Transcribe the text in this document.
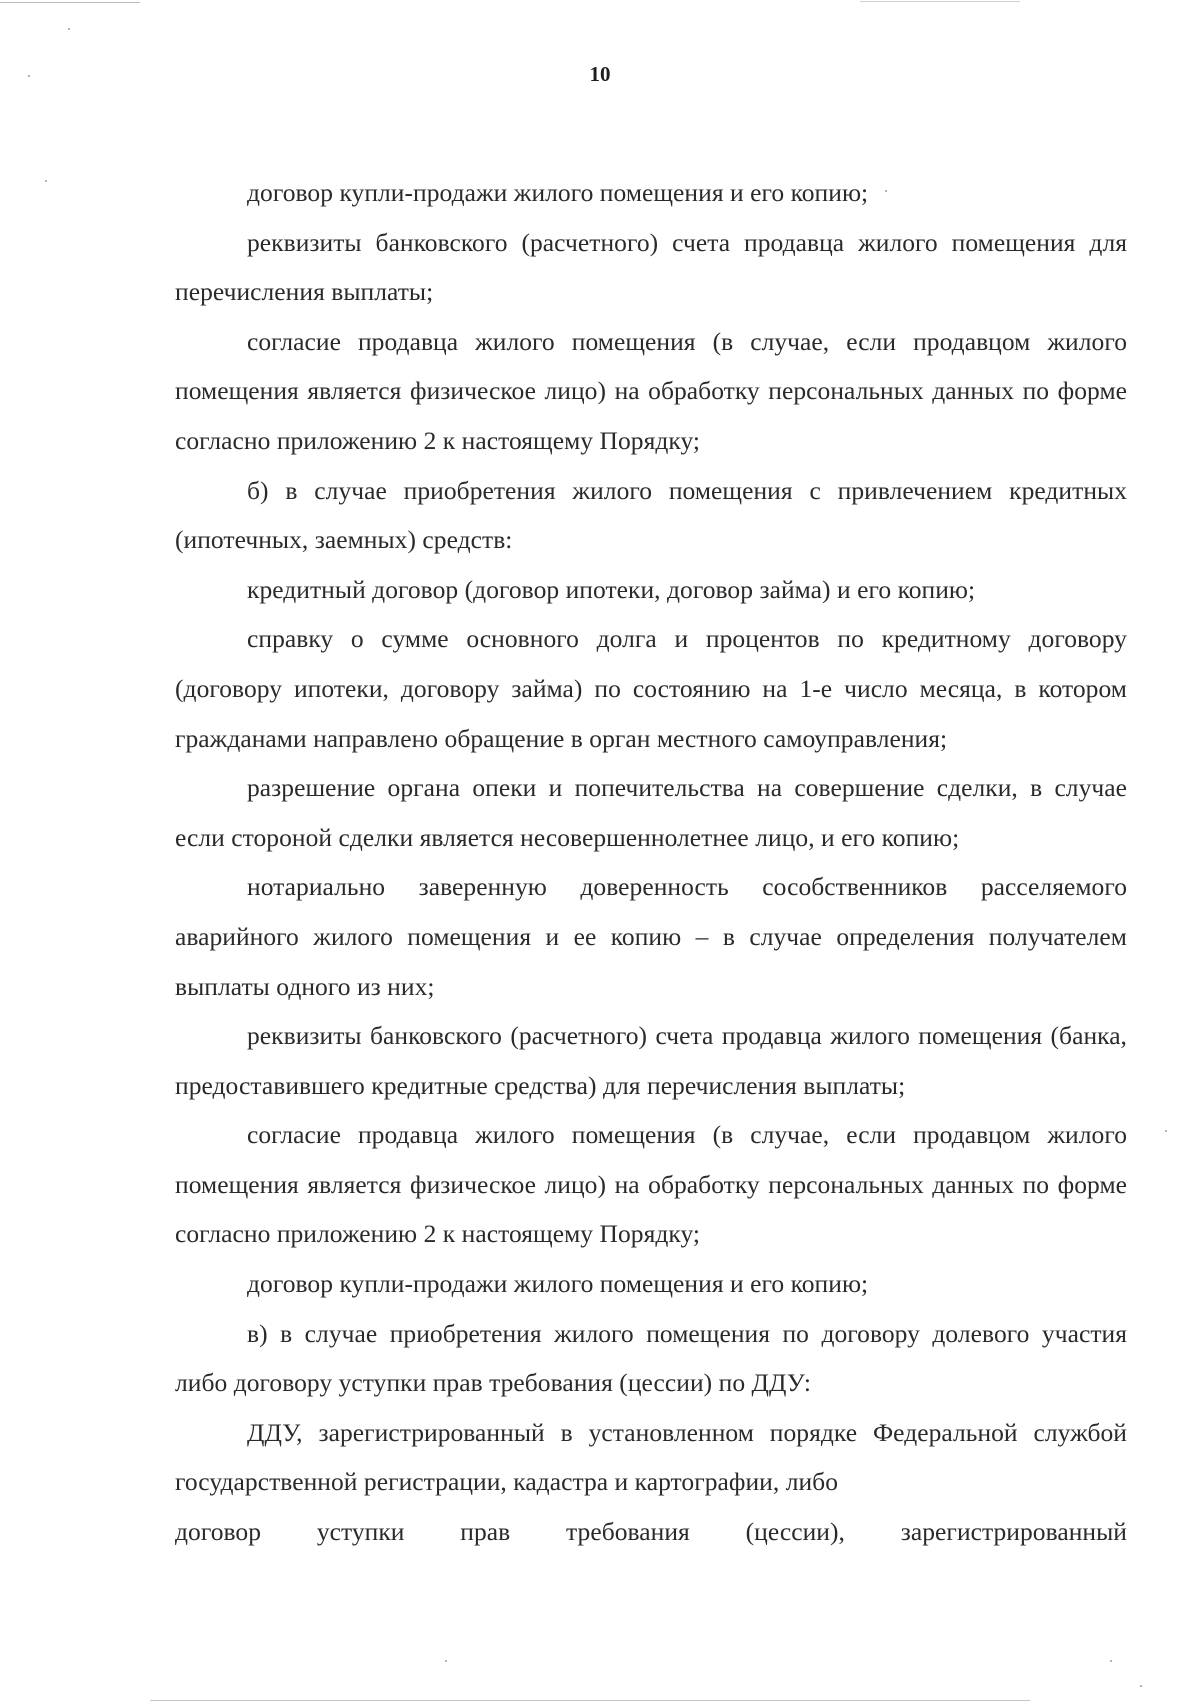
10

договор купли-продажи жилого помещения и его копию;

реквизиты банковского (расчетного) счета продавца жилого помещения для перечисления выплаты;

согласие продавца жилого помещения (в случае, если продавцом жилого помещения является физическое лицо) на обработку персональных данных по форме согласно приложению 2 к настоящему Порядку;

б) в случае приобретения жилого помещения с привлечением кредитных (ипотечных, заемных) средств:

кредитный договор (договор ипотеки, договор займа) и его копию;

справку о сумме основного долга и процентов по кредитному договору (договору ипотеки, договору займа) по состоянию на 1-е число месяца, в котором гражданами направлено обращение в орган местного самоуправления;

разрешение органа опеки и попечительства на совершение сделки, в случае если стороной сделки является несовершеннолетнее лицо, и его копию;

нотариально заверенную доверенность сособственников расселяемого аварийного жилого помещения и ее копию – в случае определения получателем выплаты одного из них;

реквизиты банковского (расчетного) счета продавца жилого помещения (банка, предоставившего кредитные средства) для перечисления выплаты;

согласие продавца жилого помещения (в случае, если продавцом жилого помещения является физическое лицо) на обработку персональных данных по форме согласно приложению 2 к настоящему Порядку;

договор купли-продажи жилого помещения и его копию;

в) в случае приобретения жилого помещения по договору долевого участия либо договору уступки прав требования (цессии) по ДДУ:

ДДУ, зарегистрированный в установленном порядке Федеральной службой государственной регистрации, кадастра и картографии, либо

договор уступки прав требования (цессии), зарегистрированный
